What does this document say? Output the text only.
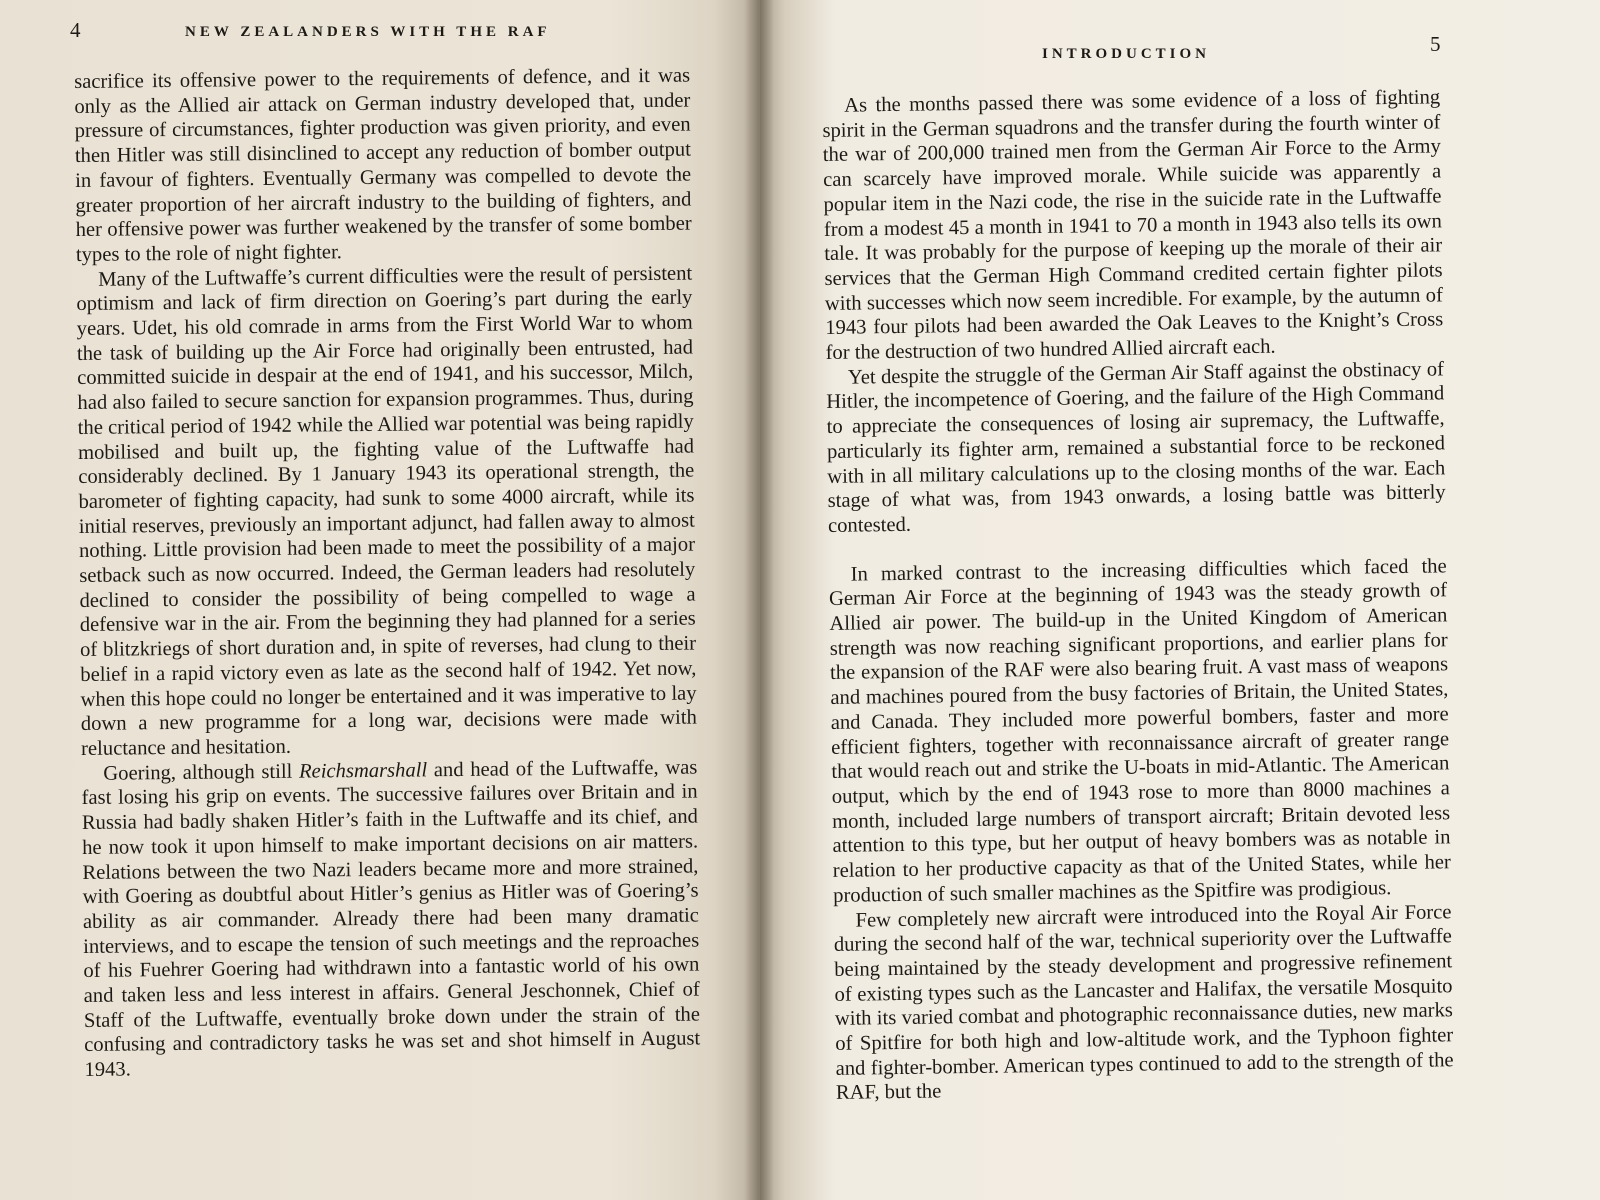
4	NEW ZEALANDERS WITH THE RAF

sacrifice its offensive power to the requirements of defence, and it was only as the Allied air attack on German industry developed that, under pressure of circumstances, fighter production was given priority, and even then Hitler was still disinclined to accept any reduction of bomber output in favour of fighters. Eventually Germany was compelled to devote the greater proportion of her aircraft industry to the building of fighters, and her offensive power was further weakened by the transfer of some bomber types to the role of night fighter.

Many of the Luftwaffe’s current difficulties were the result of persistent optimism and lack of firm direction on Goering’s part during the early years. Udet, his old comrade in arms from the First World War to whom the task of building up the Air Force had originally been entrusted, had committed suicide in despair at the end of 1941, and his successor, Milch, had also failed to secure sanction for expansion programmes. Thus, during the critical period of 1942 while the Allied war potential was being rapidly mobilised and built up, the fighting value of the Luftwaffe had considerably declined. By 1 January 1943 its operational strength, the barometer of fighting capacity, had sunk to some 4000 aircraft, while its initial reserves, previously an important adjunct, had fallen away to almost nothing. Little provision had been made to meet the possibility of a major setback such as now occurred. Indeed, the German leaders had resolutely declined to consider the possibility of being compelled to wage a defensive war in the air. From the beginning they had planned for a series of blitzkriegs of short duration and, in spite of reverses, had clung to their belief in a rapid victory even as late as the second half of 1942. Yet now, when this hope could no longer be entertained and it was imperative to lay down a new programme for a long war, decisions were made with reluctance and hesitation.

Goering, although still Reichsmarshall and head of the Luftwaffe, was fast losing his grip on events. The successive failures over Britain and in Russia had badly shaken Hitler’s faith in the Luftwaffe and its chief, and he now took it upon himself to make important decisions on air matters. Relations between the two Nazi leaders became more and more strained, with Goering as doubtful about Hitler’s genius as Hitler was of Goering’s ability as air commander. Already there had been many dramatic interviews, and to escape the tension of such meetings and the reproaches of his Fuehrer Goering had withdrawn into a fantastic world of his own and taken less and less interest in affairs. General Jeschonnek, Chief of Staff of the Luftwaffe, eventually broke down under the strain of the confusing and contradictory tasks he was set and shot himself in August 1943.

INTRODUCTION	5

As the months passed there was some evidence of a loss of fighting spirit in the German squadrons and the transfer during the fourth winter of the war of 200,000 trained men from the German Air Force to the Army can scarcely have improved morale. While suicide was apparently a popular item in the Nazi code, the rise in the suicide rate in the Luftwaffe from a modest 45 a month in 1941 to 70 a month in 1943 also tells its own tale. It was probably for the purpose of keeping up the morale of their air services that the German High Command credited certain fighter pilots with successes which now seem incredible. For example, by the autumn of 1943 four pilots had been awarded the Oak Leaves to the Knight’s Cross for the destruction of two hundred Allied aircraft each.

Yet despite the struggle of the German Air Staff against the obstinacy of Hitler, the incompetence of Goering, and the failure of the High Command to appreciate the consequences of losing air supremacy, the Luftwaffe, particularly its fighter arm, remained a substantial force to be reckoned with in all military calculations up to the closing months of the war. Each stage of what was, from 1943 onwards, a losing battle was bitterly contested.

In marked contrast to the increasing difficulties which faced the German Air Force at the beginning of 1943 was the steady growth of Allied air power. The build-up in the United Kingdom of American strength was now reaching significant proportions, and earlier plans for the expansion of the RAF were also bearing fruit. A vast mass of weapons and machines poured from the busy factories of Britain, the United States, and Canada. They included more powerful bombers, faster and more efficient fighters, together with reconnaissance aircraft of greater range that would reach out and strike the U-boats in mid-Atlantic. The American output, which by the end of 1943 rose to more than 8000 machines a month, included large numbers of transport aircraft; Britain devoted less attention to this type, but her output of heavy bombers was as notable in relation to her productive capacity as that of the United States, while her production of such smaller machines as the Spitfire was prodigious.

Few completely new aircraft were introduced into the Royal Air Force during the second half of the war, technical superiority over the Luftwaffe being maintained by the steady development and progressive refinement of existing types such as the Lancaster and Halifax, the versatile Mosquito with its varied combat and photographic reconnaissance duties, new marks of Spitfire for both high and low-altitude work, and the Typhoon fighter and fighter-bomber. American types continued to add to the strength of the RAF, but the
